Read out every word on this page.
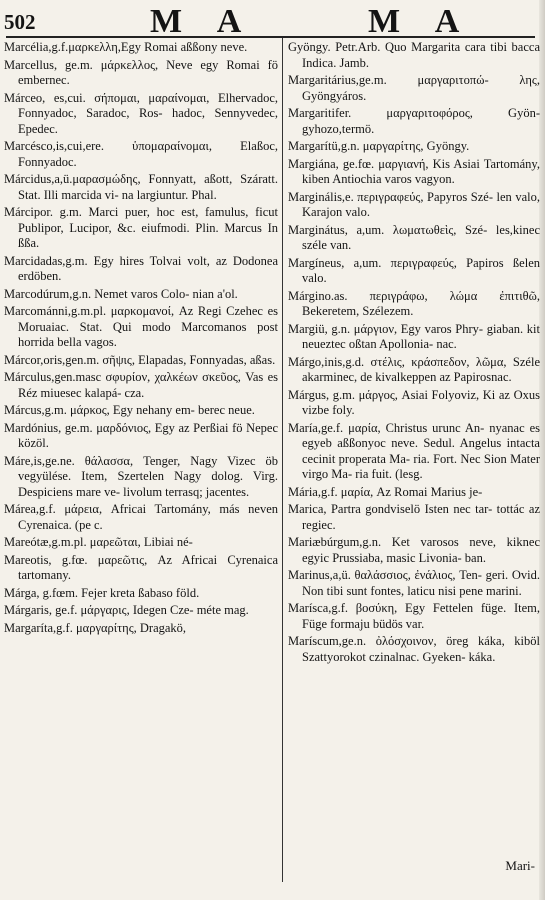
502	M A	M A

Marcélia,g.f.μαρκελλη,Egy Romai aßßony neve.

Marcellus, ge.m. μάρκελλος, Neve egy Romai fö embernec.

Márceo, es,cui. σήπομαι, μαραίνομαι, Elhervadoc, Fonnyadoc, Saradoc, Ros- hadoc, Sennyvedec, Epedec.

Marcésco,is,cui,ere. ὑπομαραίνομαι, Elaßoc, Fonnyadoc.

Márcidus,a,ü.μαρασμώδης, Fonnyatt, aßott, Száratt. Stat. Illi marcida vi- na largiuntur. Phal.

Márcipor. g.m. Marci puer, hoc est, famulus, ficut Publipor, Lucipor, &c. eiufmodi. Plin. Marcus In ßßa.

Marcidadas,g.m. Egy hires Tolvai volt, az Dodonea erdöben.

Marcodúrum,g.n. Nemet varos Colo- nian a'ol.

Marcománni,g.m.pl. μαρκομανοί, Az Regi Czehec es Moruaiac. Stat. Qui modo Marcomanos post horrida bella vagos.

Márcor,oris,gen.m. σῆψις, Elapadas, Fonnyadas, aßas.

Márculus,gen.masc σφυρίον, χαλκέων σκεῦος, Vas es Réz miuesec kalapá- cza.

Márcus,g.m. μάρκος, Egy nehany em- berec neue.

Mardónius, ge.m. μαρδόνιος, Egy az Perßiai fö Nepec közöl.

Máre,is,ge.ne. θάλασσα, Tenger, Nagy Vizec öb vegyülése. Item, Szertelen Nagy dolog. Virg. Despiciens mare ve- livolum terrasq; jacentes.

Márea,g.f. μάρεια, Africai Tartomány, más neven Cyrenaica. (pe c.

Mareótæ,g.m.pl. μαρεῶται, Libiai né-

Mareotis, g.fœ. μαρεῶτις, Az Africai Cyrenaica tartomany.

Márga, g.fœm. Fejer kreta ßabaso föld.

Márgaris, ge.f. μάργαρις, Idegen Cze- méte mag.

Margaríta,g.f. μαργαρίτης, Dragakö,

Gyöngy. Petr.Arb. Quo Margarita cara tibi bacca Indica. Jamb.

Margaritárius,ge.m. μαργαριτοπώ- λης, Gyöngyáros.

Margaritifer. μαργαριτοφόρος, Gyön- gyhozo,termö.

Margarítü,g.n. μαργαρίτης, Gyöngy.

Margiána, ge.fœ. μαργιανή, Kis Asiai Tartomány, kiben Antiochia varos vagyon.

Marginális,e. περιγραφεύς, Papyros Szé- len valo, Karajon valo.

Marginátus, a,um. λωματωθεὶς, Szé- les,kinec széle van.

Margíneus, a,um. περιγραφεύς, Papiros ßelen valo.

Márgino.as. περιγράφω, λώμα ἐπιτιθῶ, Bekeretem, Szélezem.

Margiü, g.n. μάργιον, Egy varos Phry- giaban. kit neueztec oßtan Apollonia- nac.

Márgo,inis,g.d. στέλις, κράσπεδον, λῶμα, Széle akarminec, de kivalkeppen az Papirosnac.

Márgus, g.m. μάργος, Asiai Folyoviz, Ki az Oxus vizbe foly.

María,ge.f. μαρία, Christus urunc An- nyanac es egyeb aßßonyoc neve. Sedul. Angelus intacta cecinit properata Ma- ria. Fort. Nec Sion Mater virgo Ma- ria fuit. (lesg.

Mária,g.f. μαρία, Az Romai Marius je-

Marica, Partra gondviselö Isten nec tar- tottác az regiec.

Mariæbúrgum,g.n. Ket varosos neve, kiknec egyic Prussiaba, masic Livonia- ban.

Marinus,a,ü. θαλάσσιος, ἐνάλιος, Ten- geri. Ovid. Non tibi sunt fontes, laticu nisi pene marini.

Marísca,g.f. βοσύκη, Egy Fettelen füge. Item, Füge formaju büdös var.

Maríscum,ge.n. ὀλόσχοινον, öreg káka, kiböl Szattyorokot czinalnac. Gyeken- káka.

Mari-
